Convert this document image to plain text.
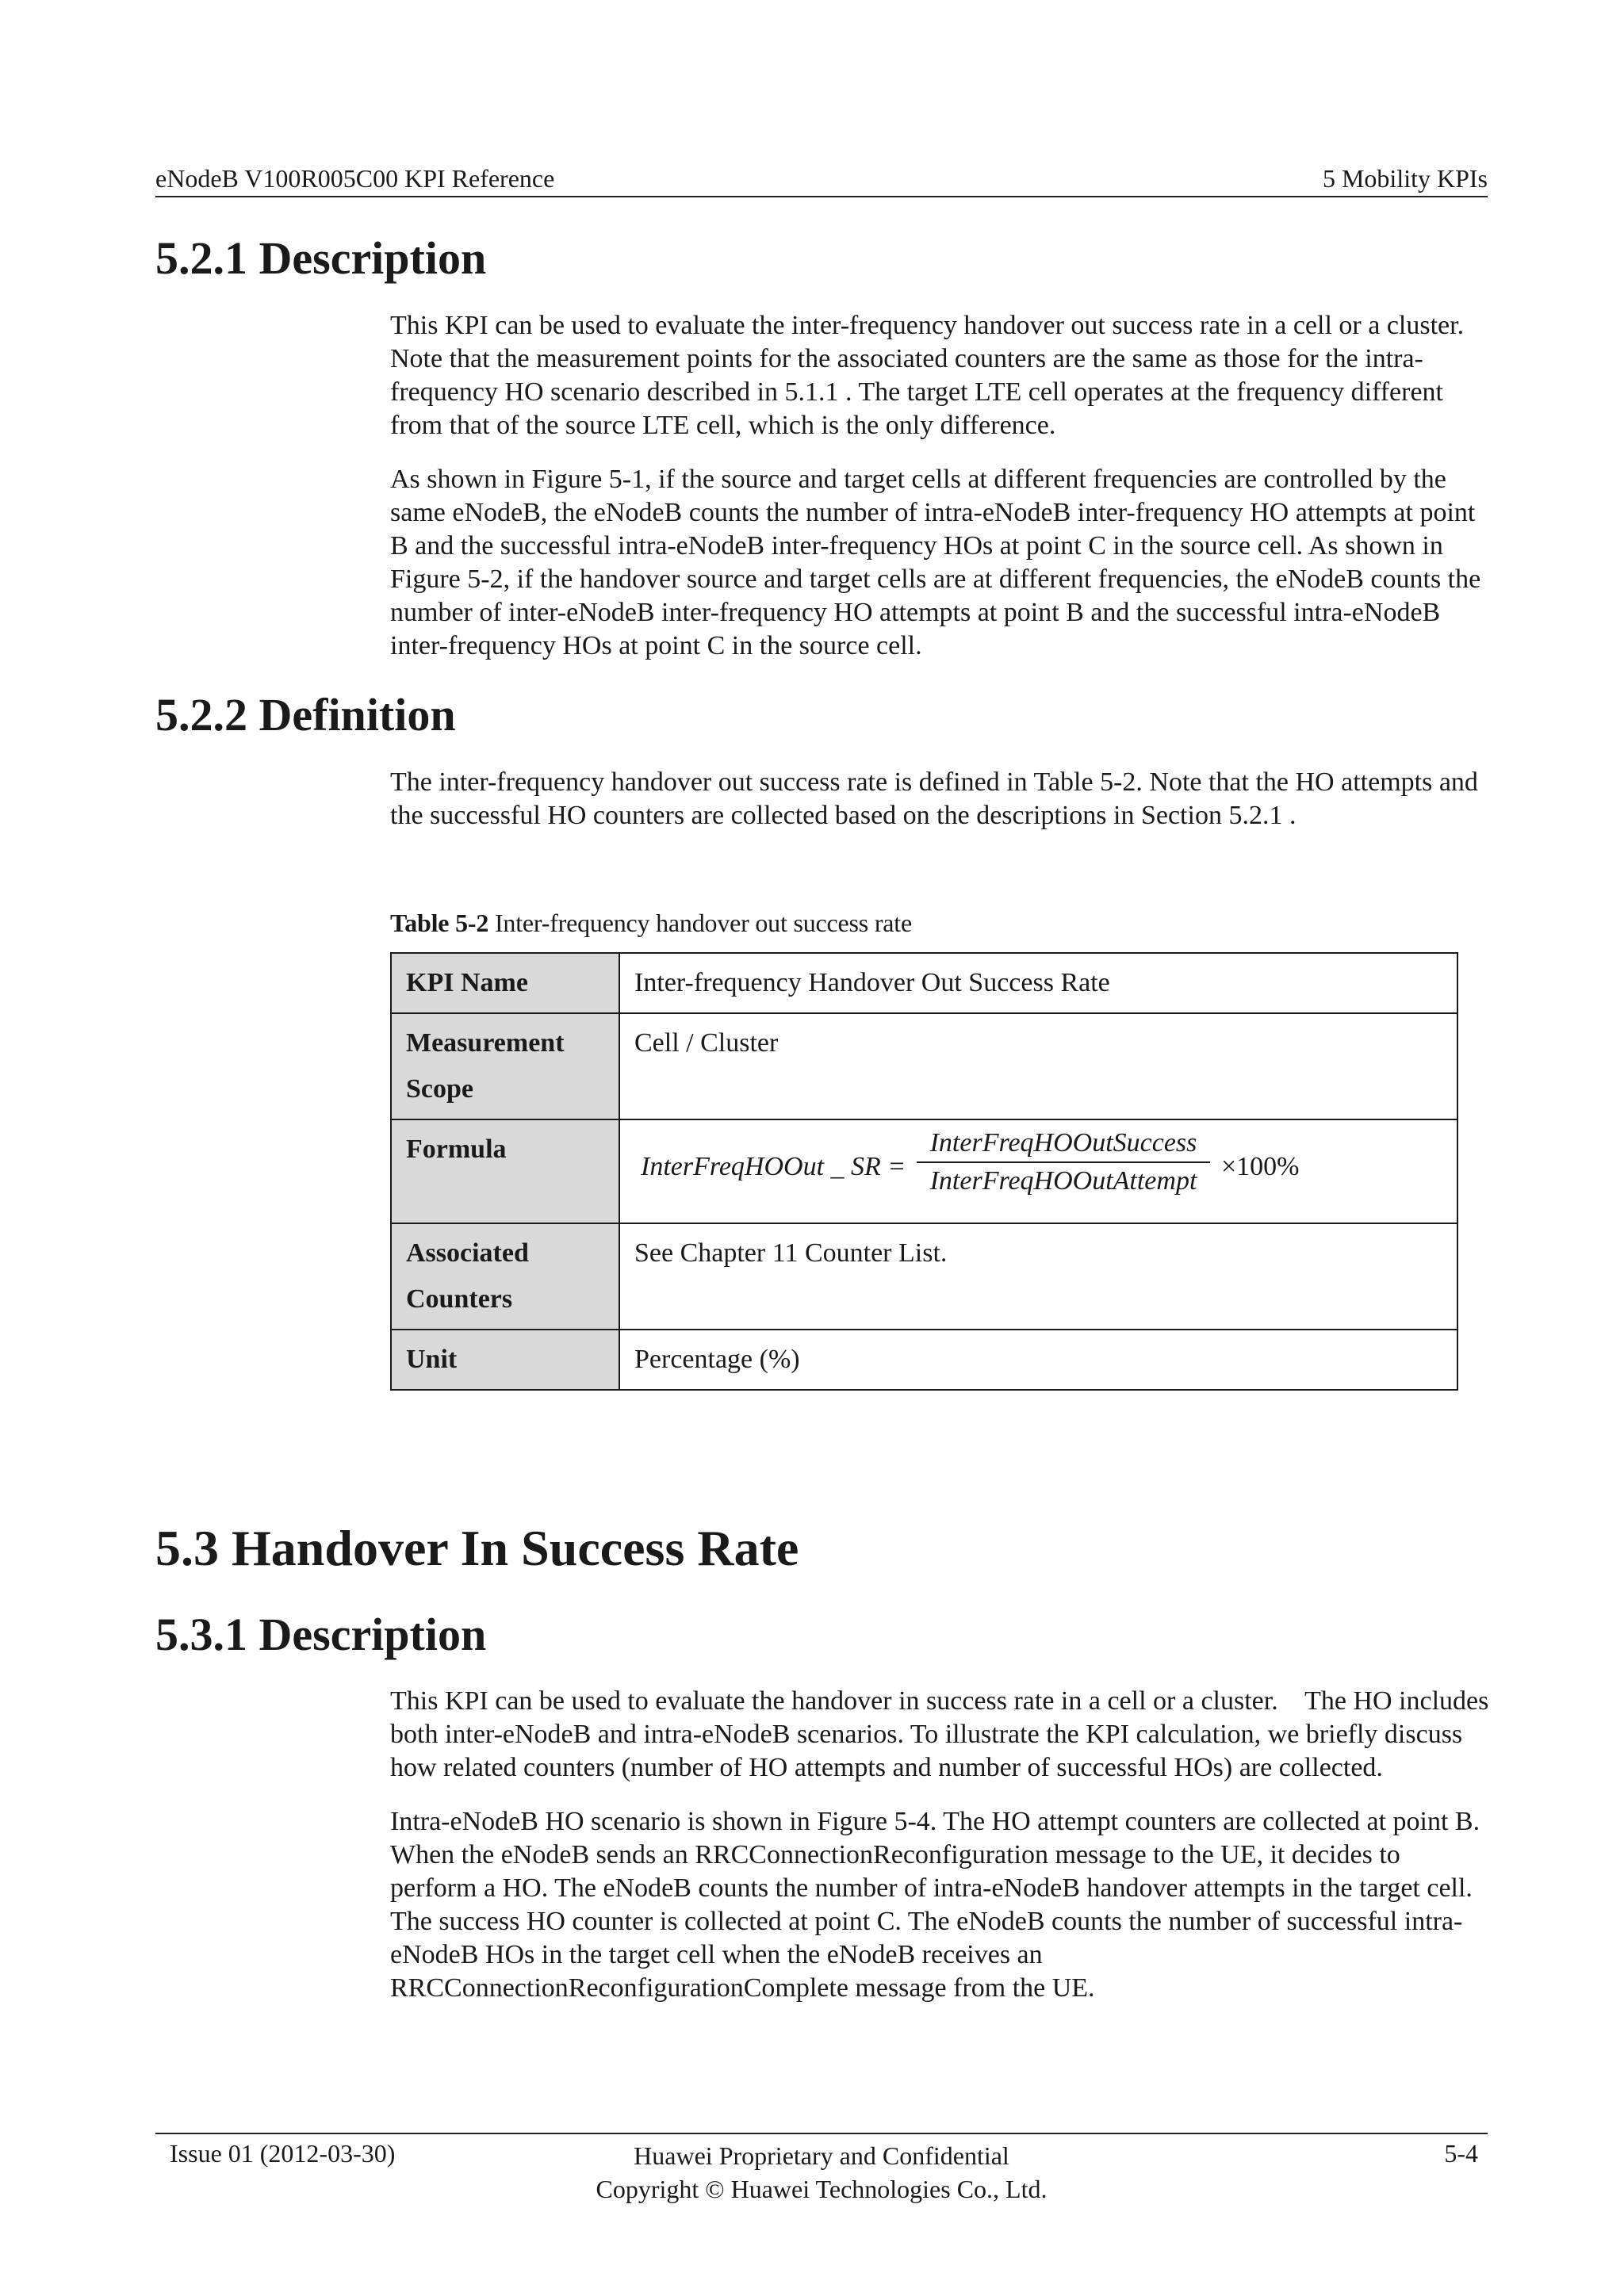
eNodeB V100R005C00 KPI Reference	5 Mobility KPIs
5.2.1 Description

This KPI can be used to evaluate the inter-frequency handover out success rate in a cell or a cluster. Note that the measurement points for the associated counters are the same as those for the intra-frequency HO scenario described in 5.1.1 . The target LTE cell operates at the frequency different from that of the source LTE cell, which is the only difference.

As shown in Figure 5-1, if the source and target cells at different frequencies are controlled by the same eNodeB, the eNodeB counts the number of intra-eNodeB inter-frequency HO attempts at point B and the successful intra-eNodeB inter-frequency HOs at point C in the source cell. As shown in Figure 5-2, if the handover source and target cells are at different frequencies, the eNodeB counts the number of inter-eNodeB inter-frequency HO attempts at point B and the successful intra-eNodeB inter-frequency HOs at point C in the source cell.

5.2.2 Definition

The inter-frequency handover out success rate is defined in Table 5-2. Note that the HO attempts and the successful HO counters are collected based on the descriptions in Section 5.2.1 .

Table 5-2 Inter-frequency handover out success rate
KPI Name	Inter-frequency Handover Out Success Rate

Measurement Scope	Cell / Cluster

Formula	InterFreqHOOut _ SR =
InterFreqHOOutSuccess
InterFreqHOOutAttempt ×100%

Associated Counters	See Chapter 11 Counter List.

Unit	Percentage (%)
5.3 Handover In Success Rate
5.3.1 Description

This KPI can be used to evaluate the handover in success rate in a cell or a cluster.    The HO includes both inter-eNodeB and intra-eNodeB scenarios. To illustrate the KPI calculation, we briefly discuss how related counters (number of HO attempts and number of successful HOs) are collected.

Intra-eNodeB HO scenario is shown in Figure 5-4. The HO attempt counters are collected at point B. When the eNodeB sends an RRCConnectionReconfiguration message to the UE, it decides to perform a HO. The eNodeB counts the number of intra-eNodeB handover attempts in the target cell. The success HO counter is collected at point C. The eNodeB counts the number of successful intra-eNodeB HOs in the target cell when the eNodeB receives an RRCConnectionReconfigurationComplete message from the UE.

Issue 01 (2012-03-30)	Huawei Proprietary and Confidential
Copyright © Huawei Technologies Co., Ltd.
5-4
